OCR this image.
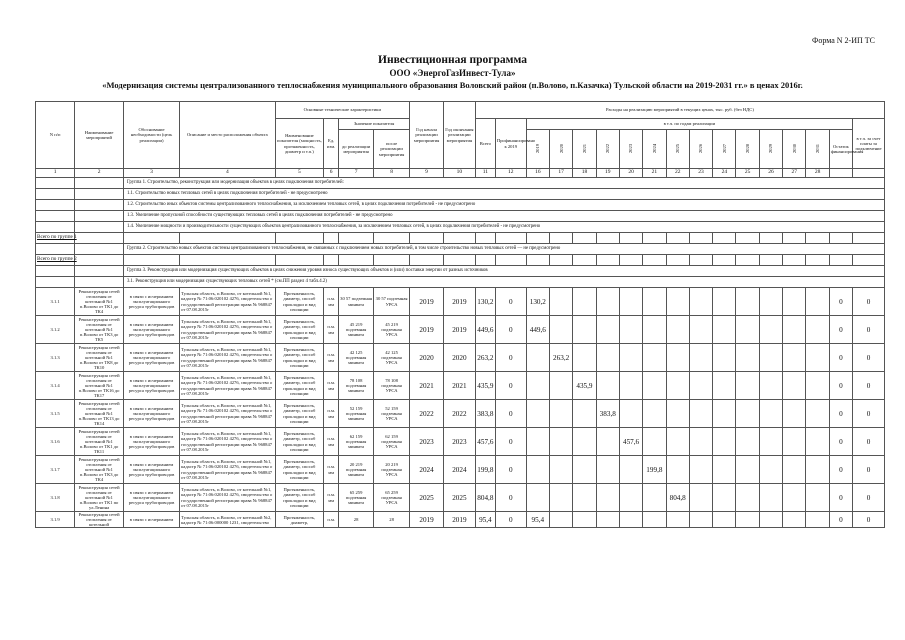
Форма N 2-ИП ТС
Инвестиционная программа
ООО «ЭнергоГазИнвест-Тула»
«Модернизация системы централизованного теплоснабжения муниципального образования Воловский район (п.Волово, п.Казачка) Тульской области на 2019-2031 гг.» в ценах 2016г.
N п/п	Наименование мероприятий	Обоснование необходимости (цель реализации)	Описание и место расположения объекта	Основные технические характеристики				Год начала реализации мероприятия	Год окончания реализации мероприятия	Расходы на реализацию мероприятий в текущих ценах, тыс. руб. (без НДС)																
				Наименование показателя (мощность, протяженность, диаметр и т.п.)	Ед. изм.	Значение показателя				Всего	Профинансировано к 2019	в т.ч. по годам реализации														в т.ч. за счет платы за подключение
						до реализации мероприятия	после реализации мероприятия					2019	2020	2021	2022	2023	2024	2025	2026	2027	2028	2029	2030	2031	Остаток финансирования	
1	2	3	4	5	6	7	8	9	10	11	12	16	17	18	19	20	21	22	23	24	25	26	27	28		
		Группа 1. Строительство, реконструкция или модернизация объектов в целях подключения потребителей:																								
		1.1. Строительство новых тепловых сетей в целях подключения потребителей - не предусмотрено																								
		1.2. Строительство иных объектов системы централизованного теплоснабжения, за исключением тепловых сетей, в целях подключения потребителей - не предусмотрено																								
		1.3. Увеличение пропускной способности существующих тепловых сетей в целях подключения потребителей - не предусмотрено																								
		1.4. Увеличение мощности и производительности существующих объектов централизованного теплоснабжения, за исключением тепловых сетей, в целях подключения потребителей - не предусмотрено																								
Всего по группе 1																										
		Группа 2. Строительство новых объектов системы централизованного теплоснабжения, не связанных с подключением новых потребителей, в том числе строительство новых тепловых сетей — не предусмотрено																								
Всего по группе 2																										
		Группа 3. Реконструкция или модернизация существующих объектов в целях снижения уровня износа существующих объектов и (или) поставки энергии от разных источников																								
		3.1. Реконструкция или модернизация существующих тепловых сетей * (см.ПП раздел 4 табл.4.2)																								
3.1.1	Реконструкция сетей отопления от котельной №1 п.Волово от ТК1 до ТК4	в связи с исчерпанием эксплуатационного ресурса трубопроводов	Тульская область, п.Волово, от котельной №1, кадастр № 71:06:020102 4276, свидетельство о государственной регистрации права № 968847 от 07.08.2015г	Протяженность, диаметр, способ прокладки и вид изоляции	п.м. мм	30 57 подземная минвата	30 57 подземная УРСА	2019	2019	130,2	0	130,2													0	0
3.1.2	Реконструкция сетей отопления от котельной №1 п.Волово от ТК3 до ТК5	в связи с исчерпанием эксплуатационного ресурса трубопроводов	Тульская область, п.Волово, от котельной №1, кадастр № 71:06:020102 4276, свидетельство о государственной регистрации права № 968847 от 07.08.2015г	Протяженность, диаметр, способ прокладки и вид изоляции	п.м. мм	45 219 подземная минвата	45 219 подземная УРСА	2019	2019	449,6	0	449,6													0	0
3.1.3	Реконструкция сетей отопления от котельной №1 п.Волово от ТК8 до ТК10	в связи с исчерпанием эксплуатационного ресурса трубопроводов	Тульская область, п.Волово, от котельной №1, кадастр № 71:06:020102 4276, свидетельство о государственной регистрации права № 968847 от 07.08.2015г	Протяженность, диаметр, способ прокладки и вид изоляции	п.м. мм	42 125 подземная минвата	42 125 подземная УРСА	2020	2020	263,2	0		263,2												0	0
3.1.4	Реконструкция сетей отопления от котельной №1 п.Волово от ТК16 до ТК17	в связи с исчерпанием эксплуатационного ресурса трубопроводов	Тульская область, п.Волово, от котельной №1, кадастр № 71:06:020102 4276, свидетельство о государственной регистрации права № 968847 от 07.08.2015г	Протяженность, диаметр, способ прокладки и вид изоляции	п.м. мм	78 108 подземная минвата	78 108 подземная УРСА	2021	2021	435,9	0			435,9											0	0
3.1.5	Реконструкция сетей отопления от котельной №1 п.Волово от ТК13 до ТК14	в связи с исчерпанием эксплуатационного ресурса трубопроводов	Тульская область, п.Волово, от котельной №1, кадастр № 71:06:020102 4276, свидетельство о государственной регистрации права № 968847 от 07.08.2015г	Протяженность, диаметр, способ прокладки и вид изоляции	п.м. мм	52 159 подземная минвата	52 159 подземная УРСА	2022	2022	383,8	0				383,8										0	0
3.1.6	Реконструкция сетей отопления от котельной №1 п.Волово от ТК1 до ТК11	в связи с исчерпанием эксплуатационного ресурса трубопроводов	Тульская область, п.Волово, от котельной №1, кадастр № 71:06:020102 4276, свидетельство о государственной регистрации права № 968847 от 07.08.2015г	Протяженность, диаметр, способ прокладки и вид изоляции	п.м. мм	62 159 подземная минвата	62 159 подземная УРСА	2023	2023	457,6	0					457,6									0	0
3.1.7	Реконструкция сетей отопления от котельной №1 п.Волово от ТК3 до ТК4	в связи с исчерпанием эксплуатационного ресурса трубопроводов	Тульская область, п.Волово, от котельной №1, кадастр № 71:06:020102 4276, свидетельство о государственной регистрации права № 968847 от 07.08.2015г	Протяженность, диаметр, способ прокладки и вид изоляции	п.м. мм	20 219 подземная минвата	20 219 подземная УРСА	2024	2024	199,8	0						199,8								0	0
3.1.8	Реконструкция сетей отопления от котельной №1 п.Волово от ТК1 по ул.Ленина	в связи с исчерпанием эксплуатационного ресурса трубопроводов	Тульская область, п.Волово, от котельной №1, кадастр № 71:06:020102 4276, свидетельство о государственной регистрации права № 968847 от 07.08.2015г	Протяженность, диаметр, способ прокладки и вид изоляции	п.м. мм	65 259 подземная минвата	65 259 подземная УРСА	2025	2025	804,8	0							804,8							0	0
3.1.9	Реконструкция сетей отопления от котельной	в связи с исчерпанием	Тульская область, п.Волово, от котельной №2, кадастр № 71:06:000000 1231, свидетельство	Протяженность, диаметр,	п.м.	28	28	2019	2019	95,4	0	95,4													0	0
